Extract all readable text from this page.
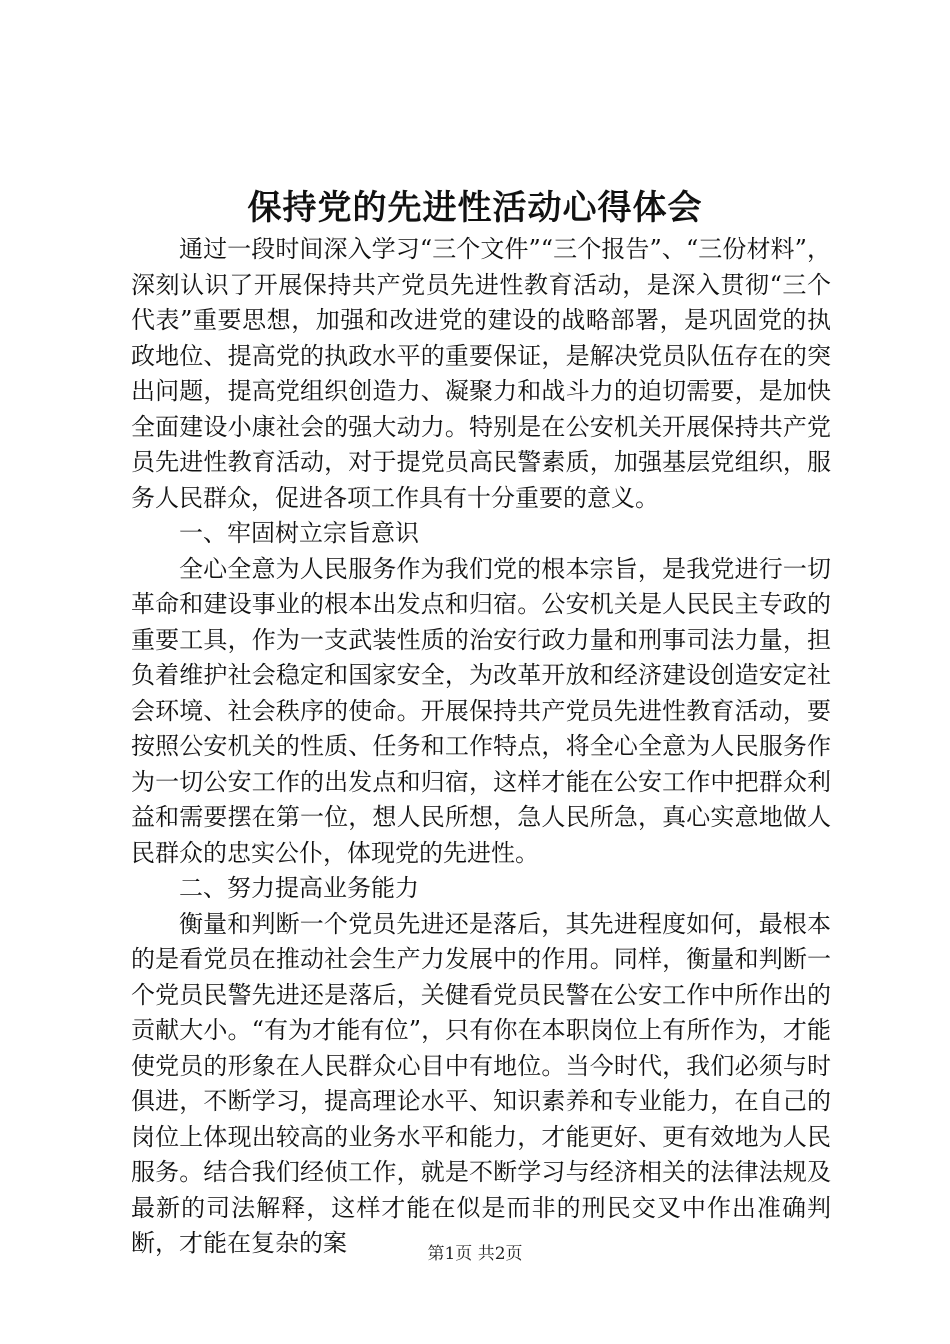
保持党的先进性活动心得体会

通过一段时间深入学习“三个文件”“三个报告”、“三份材料”，深刻认识了开展保持共产党员先进性教育活动，是深入贯彻“三个代表”重要思想，加强和改进党的建设的战略部署，是巩固党的执政地位、提高党的执政水平的重要保证，是解决党员队伍存在的突出问题，提高党组织创造力、凝聚力和战斗力的迫切需要，是加快全面建设小康社会的强大动力。特别是在公安机关开展保持共产党员先进性教育活动，对于提党员高民警素质，加强基层党组织，服务人民群众，促进各项工作具有十分重要的意义。

一、牢固树立宗旨意识

全心全意为人民服务作为我们党的根本宗旨，是我党进行一切革命和建设事业的根本出发点和归宿。公安机关是人民民主专政的重要工具，作为一支武装性质的治安行政力量和刑事司法力量，担负着维护社会稳定和国家安全，为改革开放和经济建设创造安定社会环境、社会秩序的使命。开展保持共产党员先进性教育活动，要按照公安机关的性质、任务和工作特点，将全心全意为人民服务作为一切公安工作的出发点和归宿，这样才能在公安工作中把群众利益和需要摆在第一位，想人民所想，急人民所急，真心实意地做人民群众的忠实公仆，体现党的先进性。

二、努力提高业务能力

衡量和判断一个党员先进还是落后，其先进程度如何，最根本的是看党员在推动社会生产力发展中的作用。同样，衡量和判断一个党员民警先进还是落后，关健看党员民警在公安工作中所作出的贡献大小。“有为才能有位”，只有你在本职岗位上有所作为，才能使党员的形象在人民群众心目中有地位。当今时代，我们必须与时俱进，不断学习，提高理论水平、知识素养和专业能力，在自己的岗位上体现出较高的业务水平和能力，才能更好、更有效地为人民服务。结合我们经侦工作，就是不断学习与经济相关的法律法规及最新的司法解释，这样才能在似是而非的刑民交叉中作出准确判断，才能在复杂的案	第1页 共2页
